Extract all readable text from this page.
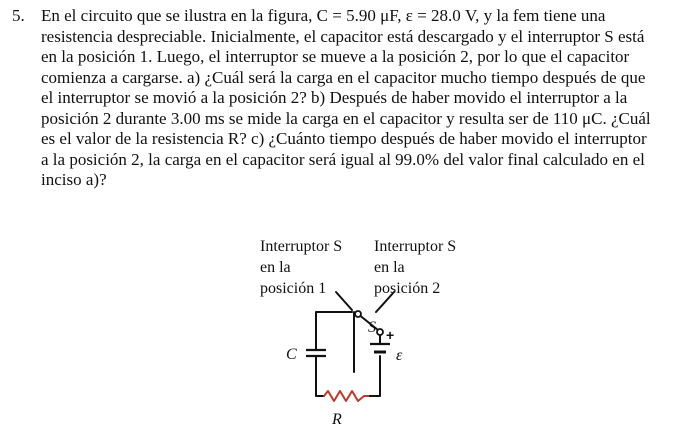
5. En el circuito que se ilustra en la figura, C = 5.90 μF, ε = 28.0 V, y la fem tiene una
resistencia despreciable. Inicialmente, el capacitor está descargado y el interruptor S está
en la posición 1. Luego, el interruptor se mueve a la posición 2, por lo que el capacitor
comienza a cargarse. a) ¿Cuál será la carga en el capacitor mucho tiempo después de que
el interruptor se movió a la posición 2? b) Después de haber movido el interruptor a la
posición 2 durante 3.00 ms se mide la carga en el capacitor y resulta ser de 110 μC. ¿Cuál
es el valor de la resistencia R? c) ¿Cuánto tiempo después de haber movido el interruptor
a la posición 2, la carga en el capacitor será igual al 99.0% del valor final calculado en el
inciso a)?
Interruptor S
en la
posición 1
Interruptor S
en la
posición 2
C
S +
ε
R
